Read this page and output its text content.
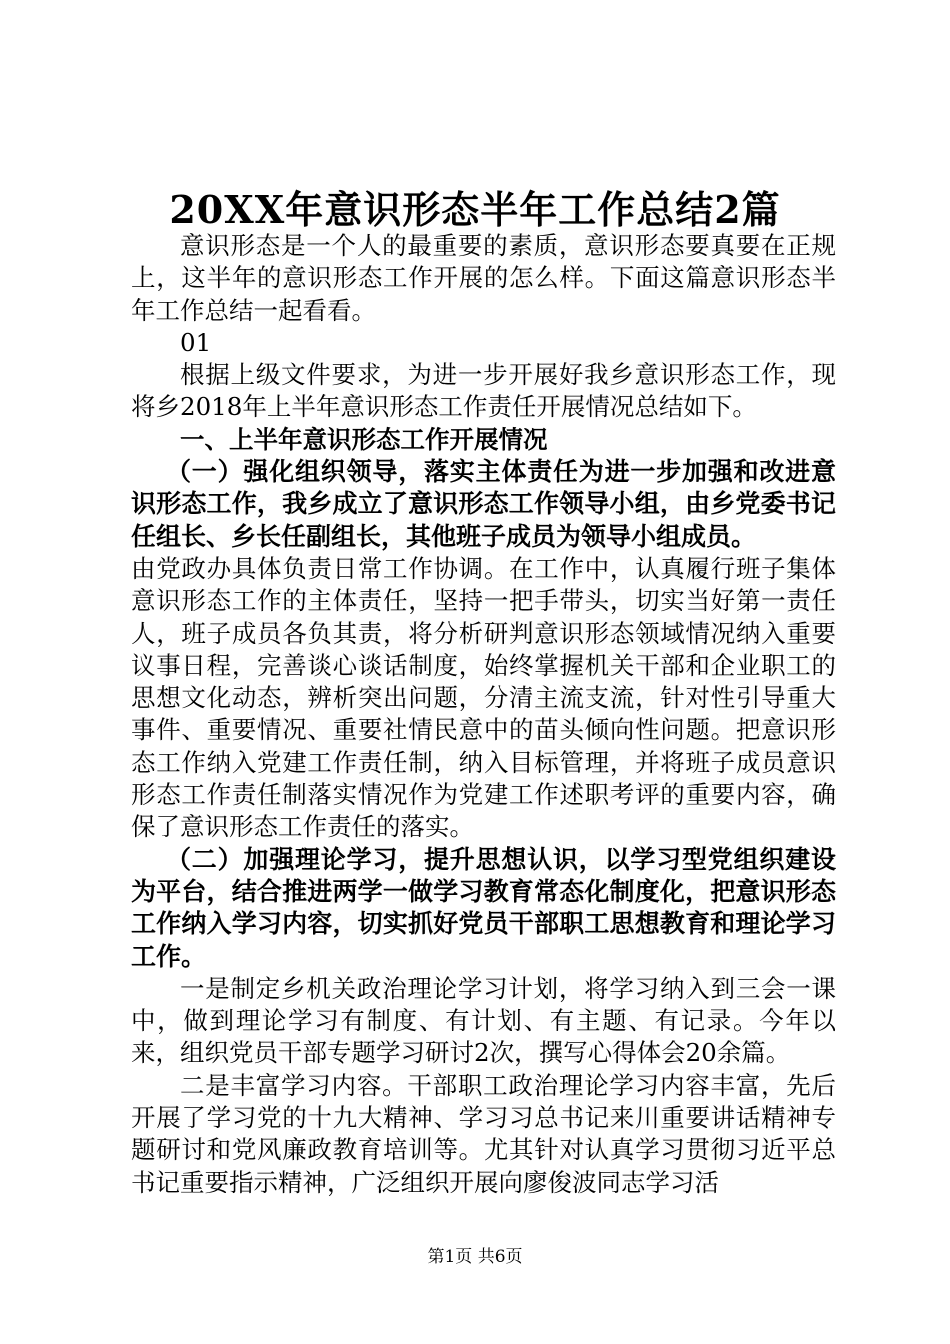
20XX年意识形态半年工作总结2篇

意识形态是一个人的最重要的素质，意识形态要真要在正规上，这半年的意识形态工作开展的怎么样。下面这篇意识形态半年工作总结一起看看。

01

根据上级文件要求，为进一步开展好我乡意识形态工作，现将乡2018年上半年意识形态工作责任开展情况总结如下。

一、上半年意识形态工作开展情况

（一）强化组织领导，落实主体责任为进一步加强和改进意识形态工作，我乡成立了意识形态工作领导小组，由乡党委书记任组长、乡长任副组长，其他班子成员为领导小组成员。

由党政办具体负责日常工作协调。在工作中，认真履行班子集体意识形态工作的主体责任，坚持一把手带头，切实当好第一责任人，班子成员各负其责，将分析研判意识形态领域情况纳入重要议事日程，完善谈心谈话制度，始终掌握机关干部和企业职工的思想文化动态，辨析突出问题，分清主流支流，针对性引导重大事件、重要情况、重要社情民意中的苗头倾向性问题。把意识形态工作纳入党建工作责任制，纳入目标管理，并将班子成员意识形态工作责任制落实情况作为党建工作述职考评的重要内容，确保了意识形态工作责任的落实。

（二）加强理论学习，提升思想认识，以学习型党组织建设为平台，结合推进两学一做学习教育常态化制度化，把意识形态工作纳入学习内容，切实抓好党员干部职工思想教育和理论学习工作。

一是制定乡机关政治理论学习计划，将学习纳入到三会一课中，做到理论学习有制度、有计划、有主题、有记录。今年以来，组织党员干部专题学习研讨2次，撰写心得体会20余篇。

二是丰富学习内容。干部职工政治理论学习内容丰富，先后开展了学习党的十九大精神、学习习总书记来川重要讲话精神专题研讨和党风廉政教育培训等。尤其针对认真学习贯彻习近平总书记重要指示精神，广泛组织开展向廖俊波同志学习活

第1页 共6页
